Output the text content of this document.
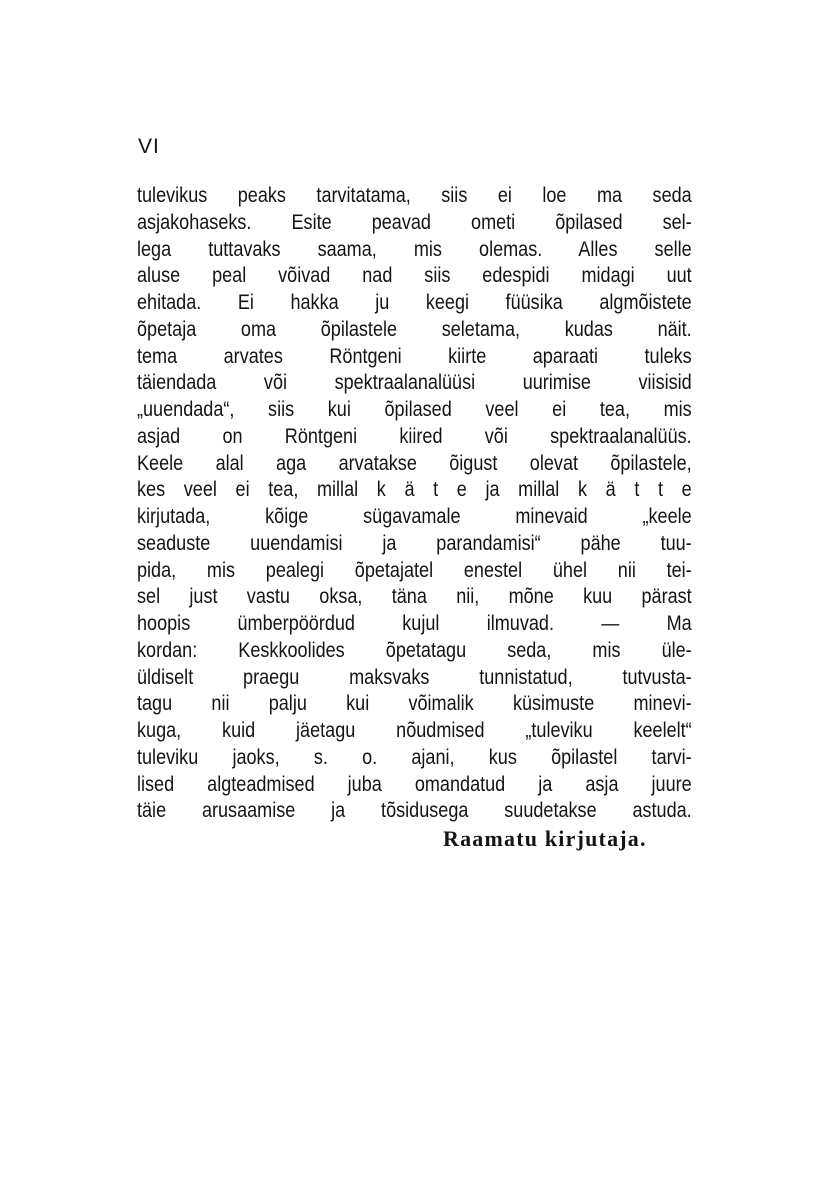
VI
tulevikus peaks tarvitatama, siis ei loe ma seda
asjakohaseks. Esite peavad ometi õpilased sel-
lega tuttavaks saama, mis olemas. Alles selle
aluse peal võivad nad siis edespidi midagi uut
ehitada. Ei hakka ju keegi füüsika algmõistete
õpetaja oma õpilastele seletama, kudas näit.
tema arvates Röntgeni kiirte aparaati tuleks
täiendada või spektraalanalüüsi uurimise viisisid
„uuendada“, siis kui õpilased veel ei tea, mis
asjad on Röntgeni kiired või spektraalanalüüs.
Keele alal aga arvatakse õigust olevat õpilastele,
kes veel ei tea, millal k ä t e ja millal k ä t t e
kirjutada, kõige sügavamale minevaid „keele
seaduste uuendamisi ja parandamisi“ pähe tuu-
pida, mis pealegi õpetajatel enestel ühel nii tei-
sel just vastu oksa, täna nii, mõne kuu pärast
hoopis ümberpöördud kujul ilmuvad. — Ma
kordan: Keskkoolides õpetatagu seda, mis üle-
üldiselt praegu maksvaks tunnistatud, tutvusta-
tagu nii palju kui võimalik küsimuste minevi-
kuga, kuid jäetagu nõudmised „tuleviku keelelt“
tuleviku jaoks, s. o. ajani, kus õpilastel tarvi-
lised algteadmised juba omandatud ja asja juure
täie arusaamise ja tõsidusega suudetakse astuda.
Raamatu kirjutaja.
